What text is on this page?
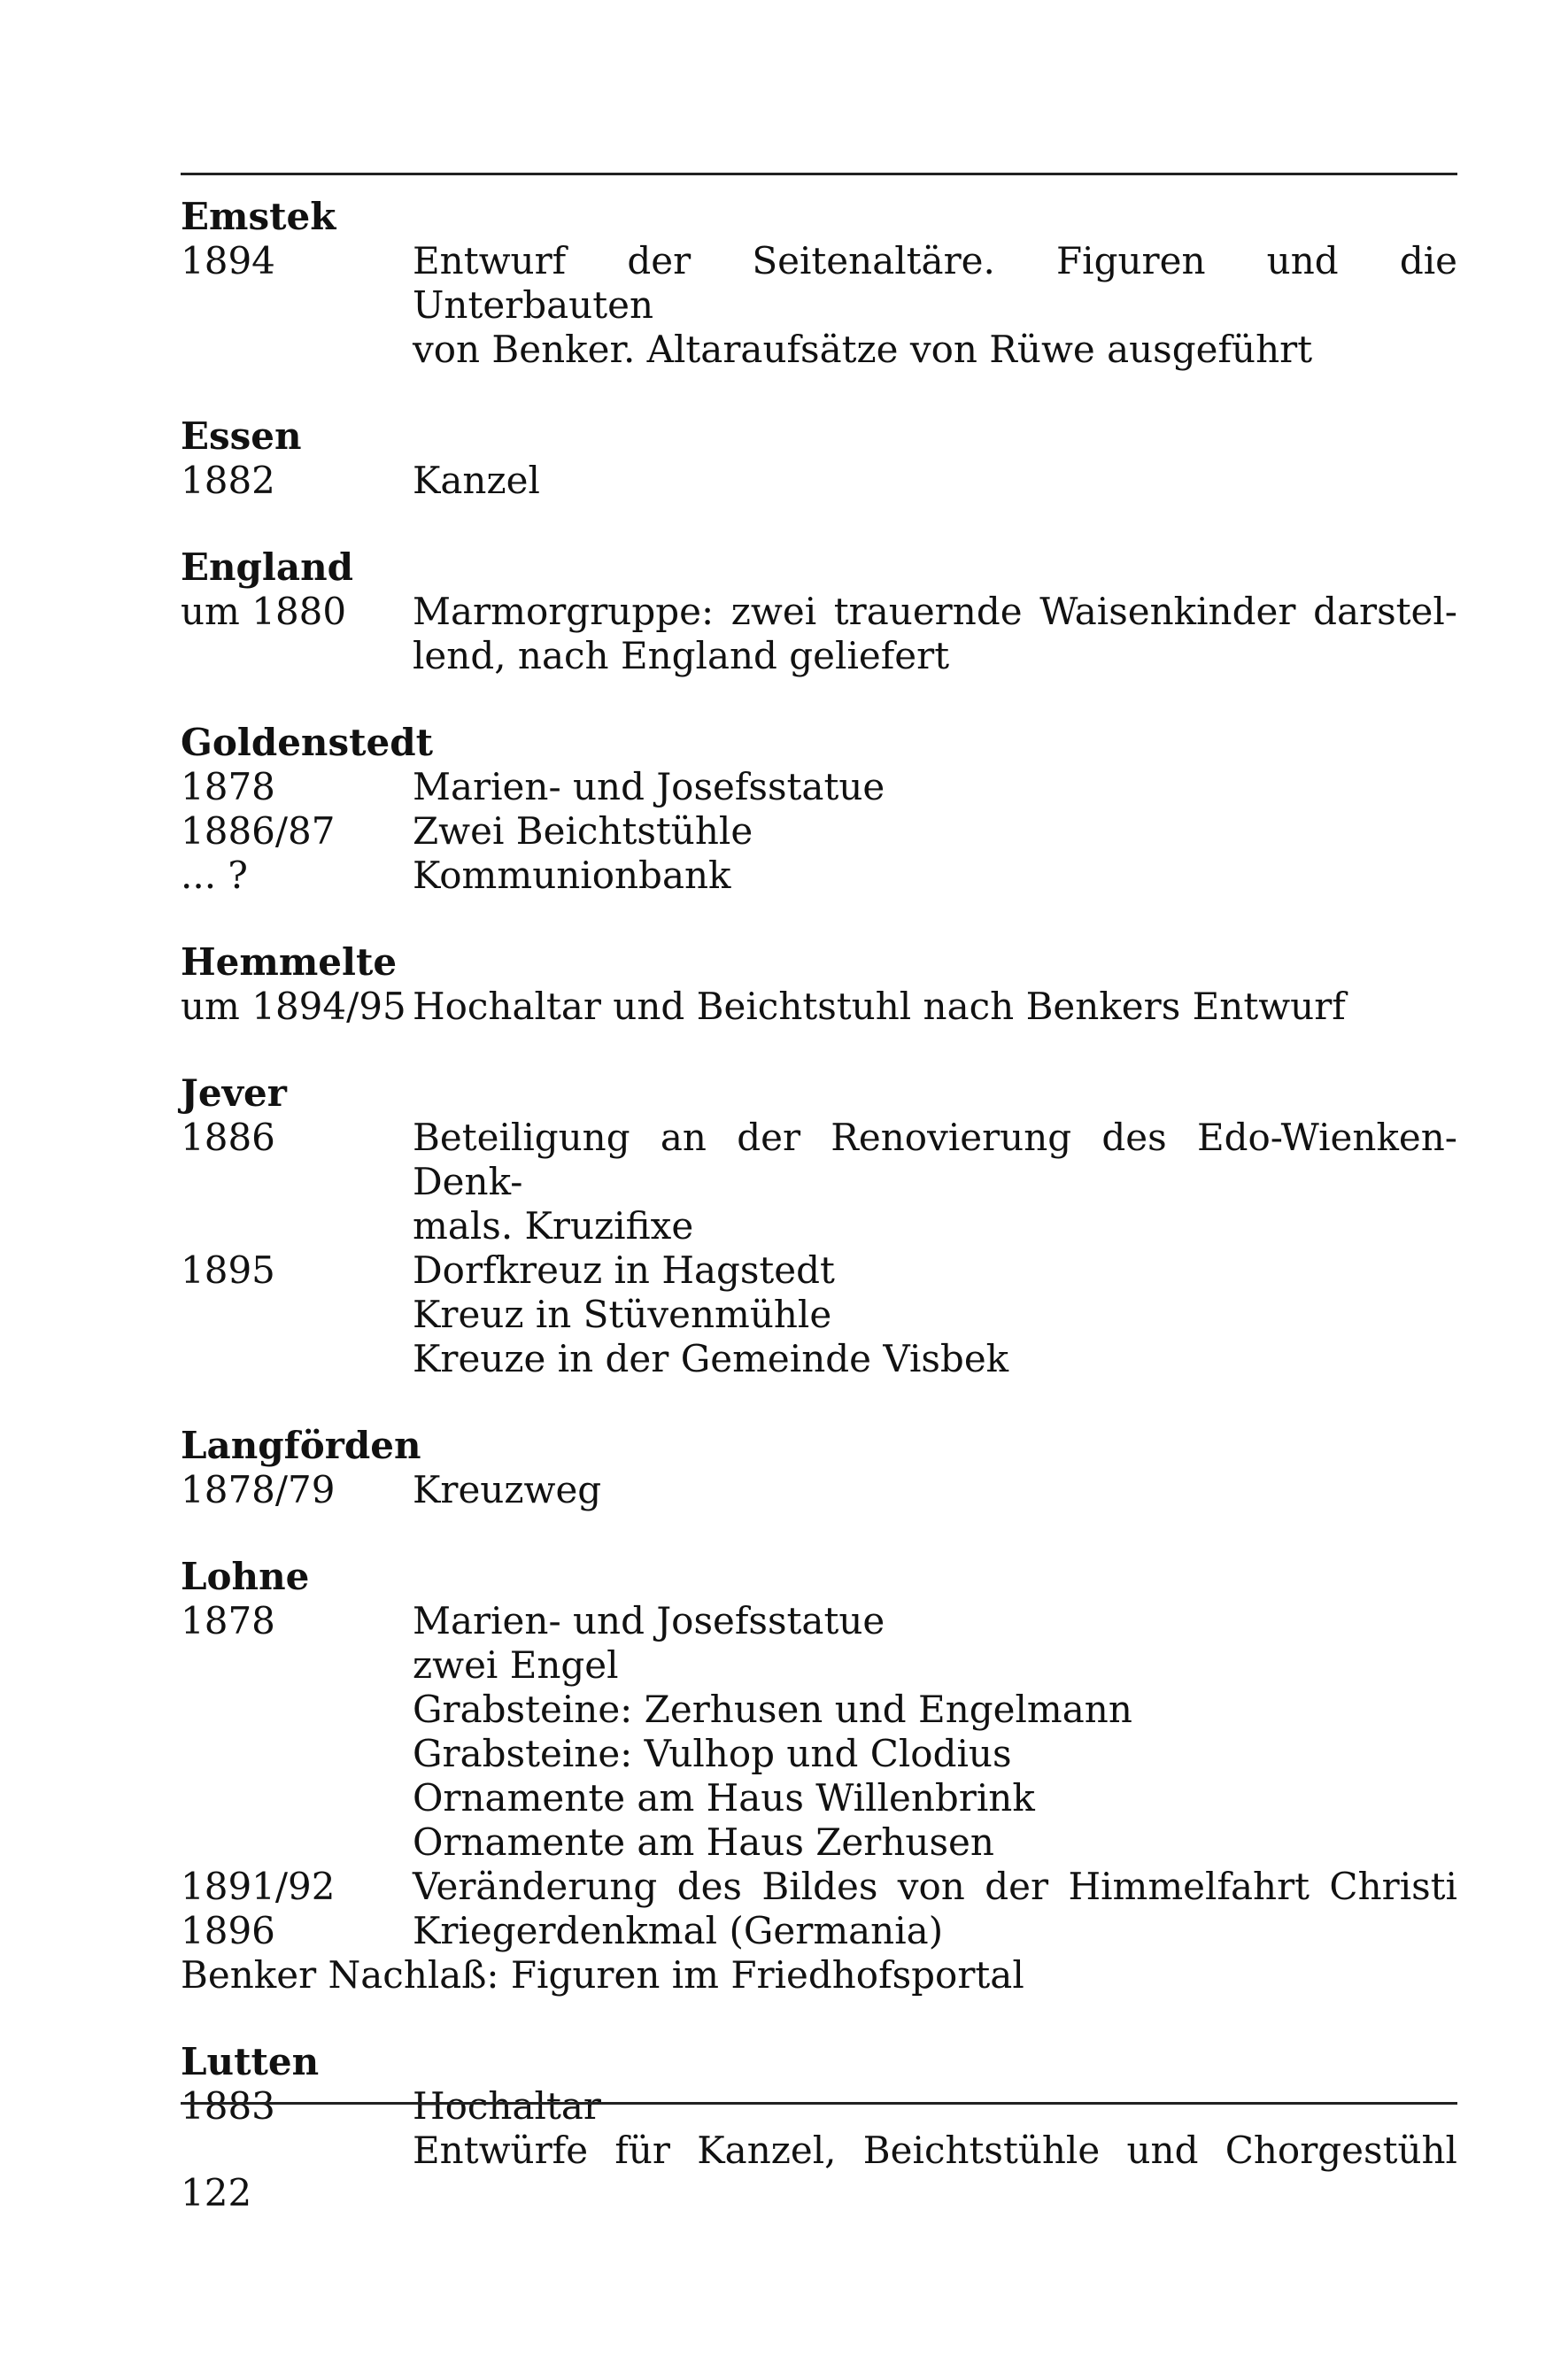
Emstek
1894	Entwurf der Seitenaltäre. Figuren und die Unterbauten
von Benker. Altaraufsätze von Rüwe ausgeführt
Essen
1882	Kanzel
England
um 1880	Marmorgruppe: zwei trauernde Waisenkinder darstel-
lend, nach England geliefert
Goldenstedt
1878	Marien- und Josefsstatue
1886/87	Zwei Beichtstühle
... ?	Kommunionbank
Hemmelte
um 1894/95 Hochaltar und Beichtstuhl nach Benkers Entwurf
Jever
1886	Beteiligung an der Renovierung des Edo-Wienken-Denk-
mals. Kruzifixe
1895	Dorfkreuz in Hagstedt
Kreuz in Stüvenmühle
Kreuze in der Gemeinde Visbek
Langförden
1878/79	Kreuzweg
Lohne
1878	Marien- und Josefsstatue
zwei Engel
Grabsteine: Zerhusen und Engelmann
Grabsteine: Vulhop und Clodius
Ornamente am Haus Willenbrink
Ornamente am Haus Zerhusen
1891/92	Veränderung des Bildes von der Himmelfahrt Christi
1896	Kriegerdenkmal (Germania)
Benker Nachlaß: Figuren im Friedhofsportal
Lutten
1883	Hochaltar
Entwürfe für Kanzel, Beichtstühle und Chorgestühl
122
